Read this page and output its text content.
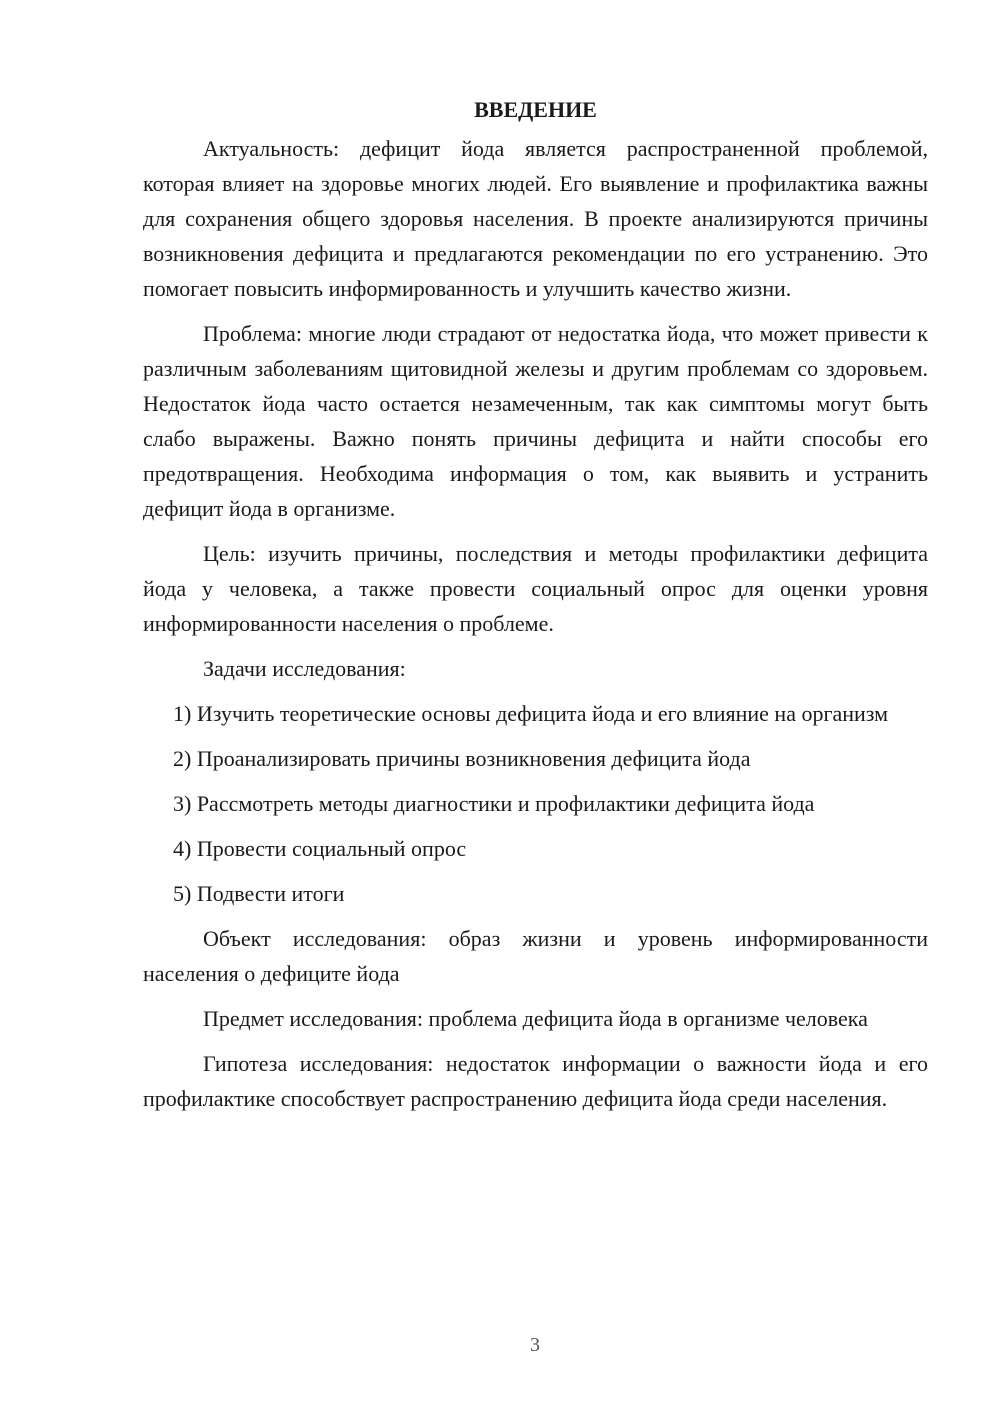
ВВЕДЕНИЕ

Актуальность: дефицит йода является распространенной проблемой, которая влияет на здоровье многих людей. Его выявление и профилактика важны для сохранения общего здоровья населения. В проекте анализируются причины возникновения дефицита и предлагаются рекомендации по его устранению. Это помогает повысить информированность и улучшить качество жизни.

Проблема: многие люди страдают от недостатка йода, что может привести к различным заболеваниям щитовидной железы и другим проблемам со здоровьем. Недостаток йода часто остается незамеченным, так как симптомы могут быть слабо выражены. Важно понять причины дефицита и найти способы его предотвращения. Необходима информация о том, как выявить и устранить дефицит йода в организме.

Цель: изучить причины, последствия и методы профилактики дефицита йода у человека, а также провести социальный опрос для оценки уровня информированности населения о проблеме.

Задачи исследования:

1) Изучить теоретические основы дефицита йода и его влияние на организм

2) Проанализировать причины возникновения дефицита йода

3) Рассмотреть методы диагностики и профилактики дефицита йода

4) Провести социальный опрос

5) Подвести итоги

Объект исследования: образ жизни и уровень информированности населения о дефиците йода

Предмет исследования: проблема дефицита йода в организме человека

Гипотеза исследования: недостаток информации о важности йода и его профилактике способствует распространению дефицита йода среди населения.

3
